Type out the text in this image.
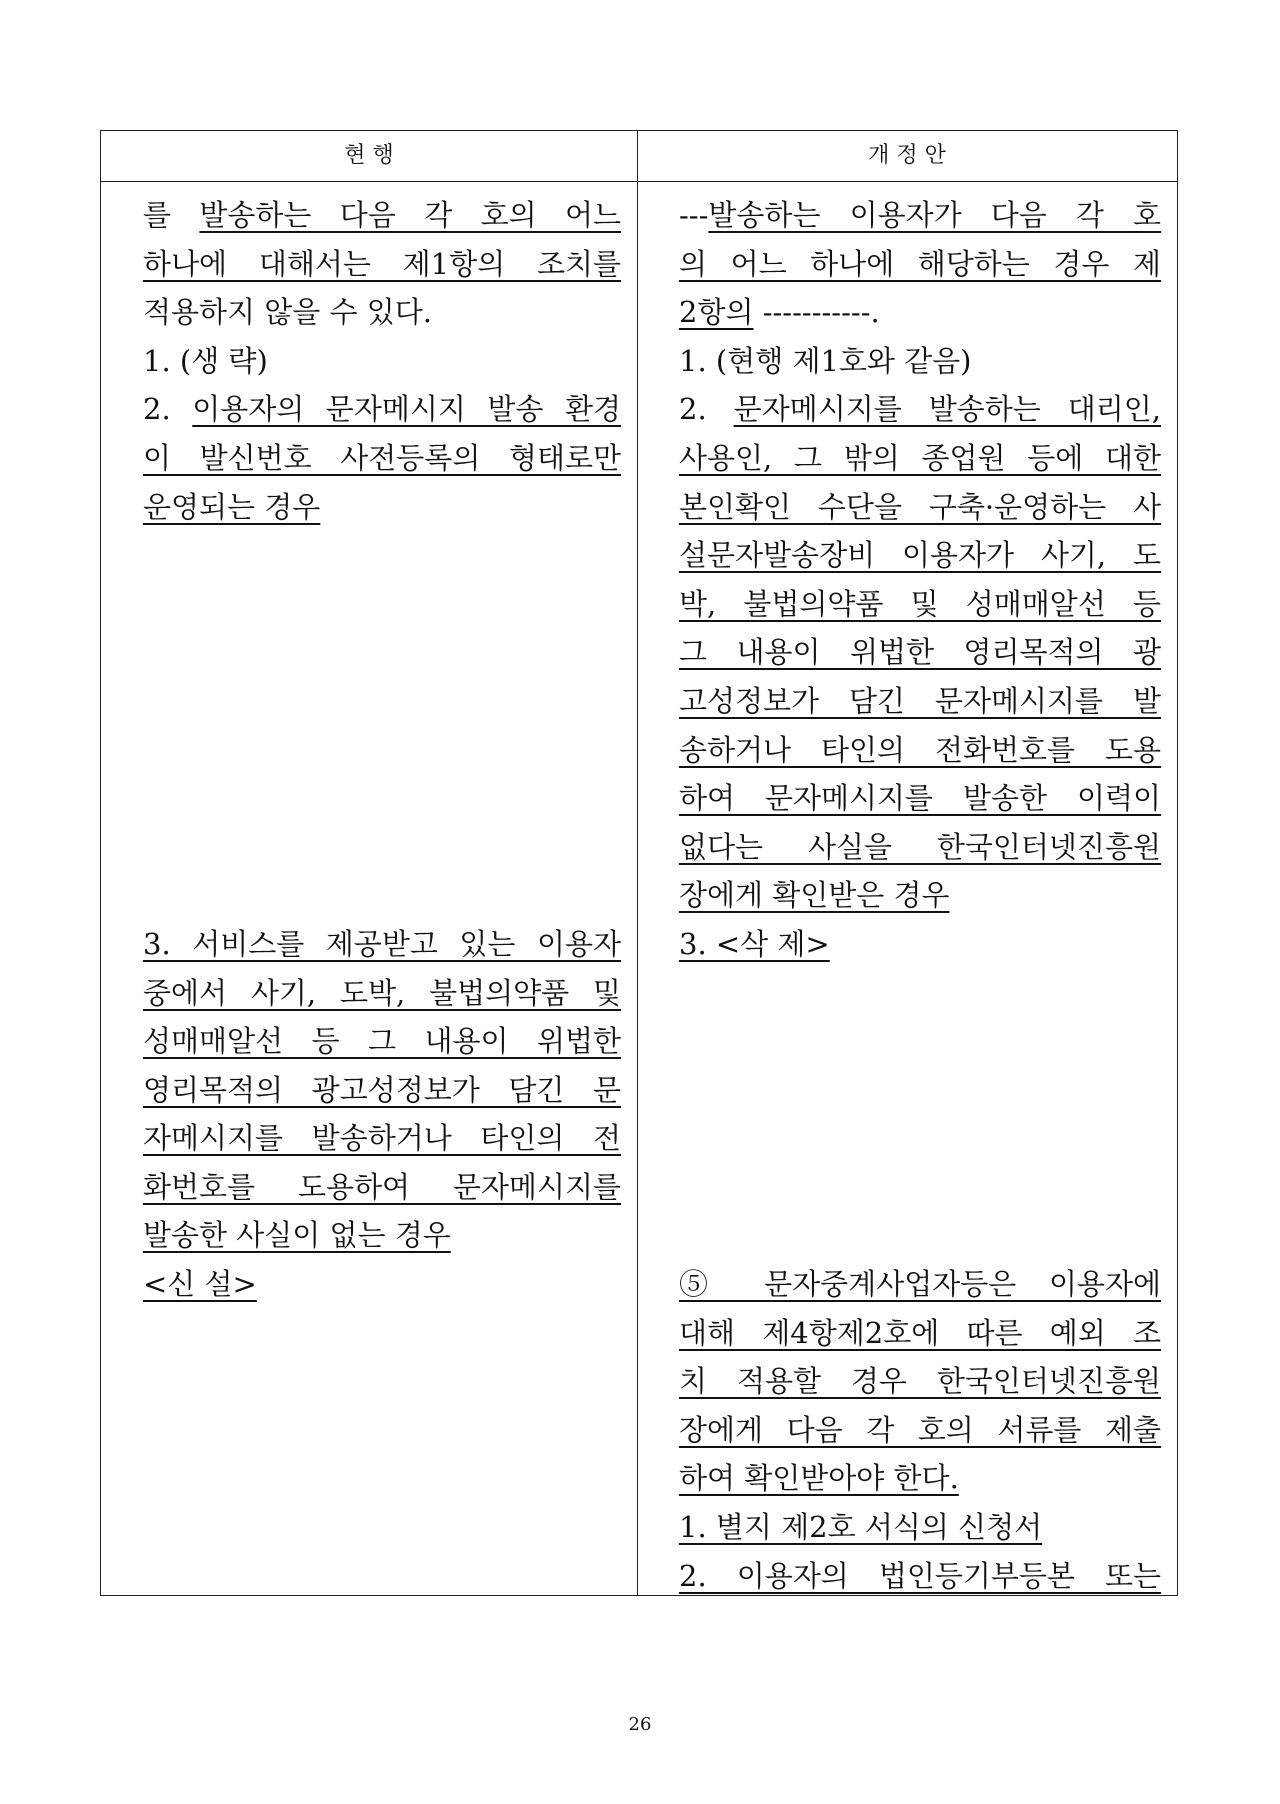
현 행	개 정 안
를 발송하는 다음 각 호의 어느
하나에 대해서는 제1항의 조치를
적용하지 않을 수 있다.
1. (생 략)
2. 이용자의 문자메시지 발송 환경
이 발신번호 사전등록의 형태로만
운영되는 경우
3. 서비스를 제공받고 있는 이용자
중에서 사기, 도박, 불법의약품 및
성매매알선 등 그 내용이 위법한
영리목적의 광고성정보가 담긴 문
자메시지를 발송하거나 타인의 전
화번호를 도용하여 문자메시지를
발송한 사실이 없는 경우
<신 설>
---발송하는 이용자가 다음 각 호
의 어느 하나에 해당하는 경우 제
2항의 -----------.
1. (현행 제1호와 같음)
2. 문자메시지를 발송하는 대리인,
사용인, 그 밖의 종업원 등에 대한
본인확인 수단을 구축·운영하는 사
설문자발송장비 이용자가 사기, 도
박, 불법의약품 및 성매매알선 등
그 내용이 위법한 영리목적의 광
고성정보가 담긴 문자메시지를 발
송하거나 타인의 전화번호를 도용
하여 문자메시지를 발송한 이력이
없다는 사실을 한국인터넷진흥원
장에게 확인받은 경우
3. <삭 제>
⑤ 문자중계사업자등은 이용자에
대해 제4항제2호에 따른 예외 조
치 적용할 경우 한국인터넷진흥원
장에게 다음 각 호의 서류를 제출
하여 확인받아야 한다.
1. 별지 제2호 서식의 신청서
2. 이용자의 법인등기부등본 또는
26
